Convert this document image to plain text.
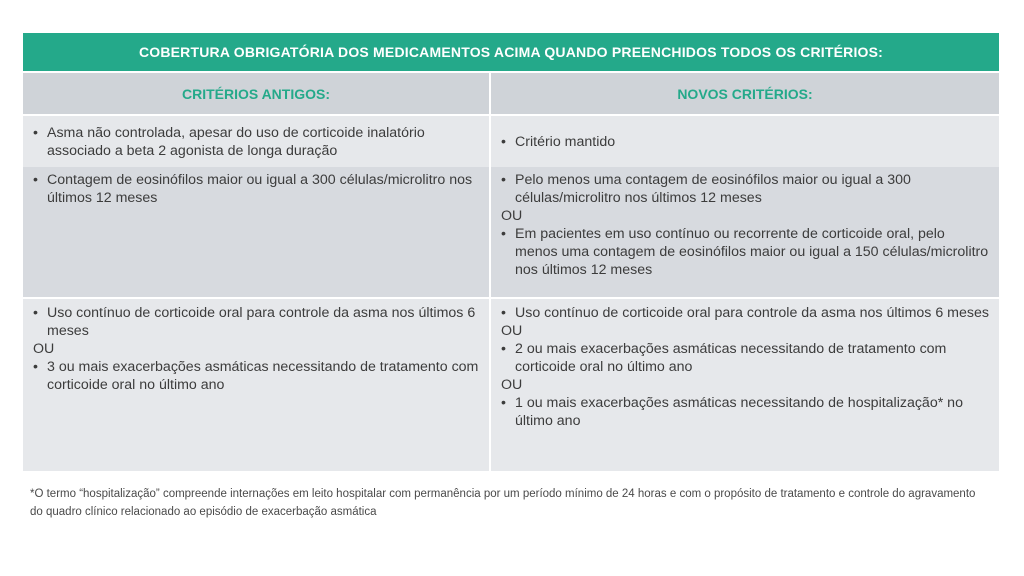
COBERTURA OBRIGATÓRIA DOS MEDICAMENTOS ACIMA QUANDO PREENCHIDOS TODOS OS CRITÉRIOS:
CRITÉRIOS ANTIGOS:	NOVOS CRITÉRIOS:

• Asma não controlada, apesar do uso de corticoide inalatório associado a beta 2 agonista de longa duração

• Critério mantido

• Contagem de eosinófilos maior ou igual a 300 células/microlitro nos últimos 12 meses

• Pelo menos uma contagem de eosinófilos maior ou igual a 300 células/microlitro nos últimos 12 meses

OU

• Em pacientes em uso contínuo ou recorrente de corticoide oral, pelo menos uma contagem de eosinófilos maior ou igual a 150 células/microlitro nos últimos 12 meses

• Uso contínuo de corticoide oral para controle da asma nos últimos 6 meses

OU

• 3 ou mais exacerbações asmáticas necessitando de tratamento com corticoide oral no último ano

• Uso contínuo de corticoide oral para controle da asma nos últimos 6 meses

OU

• 2 ou mais exacerbações asmáticas necessitando de tratamento com corticoide oral no último ano

OU

• 1 ou mais exacerbações asmáticas necessitando de hospitalização* no último ano

*O termo “hospitalização” compreende internações em leito hospitalar com permanência por um período mínimo de 24 horas e com o propósito de tratamento e controle do agravamento do quadro clínico relacionado ao episódio de exacerbação asmática
